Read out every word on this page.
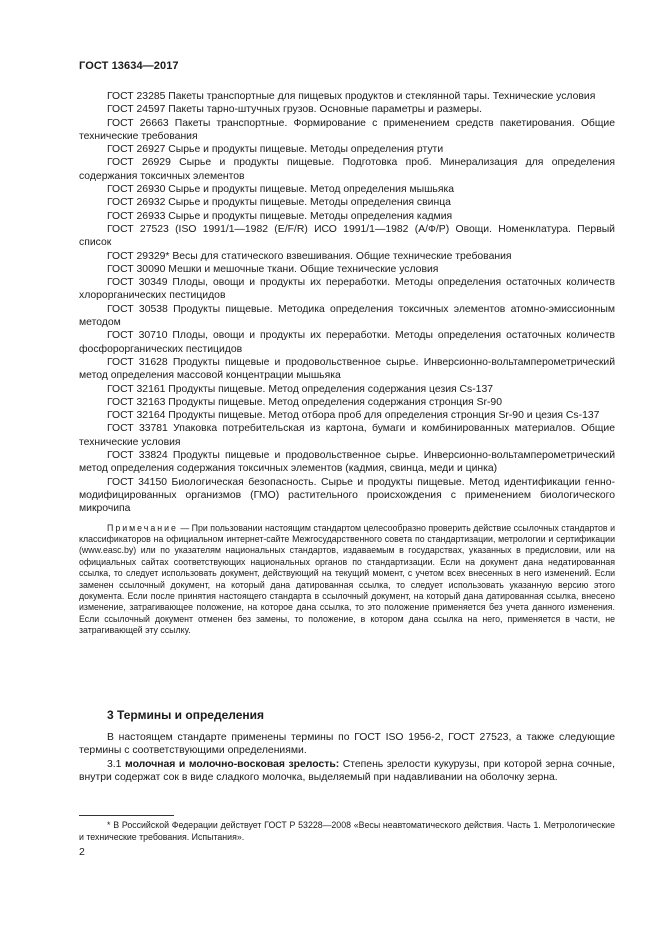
ГОСТ 13634—2017

ГОСТ 23285 Пакеты транспортные для пищевых продуктов и стеклянной тары. Технические условия

ГОСТ 24597 Пакеты тарно-штучных грузов. Основные параметры и размеры.

ГОСТ 26663 Пакеты транспортные. Формирование с применением средств пакетирования. Общие технические требования

ГОСТ 26927 Сырье и продукты пищевые. Методы определения ртути

ГОСТ 26929 Сырье и продукты пищевые. Подготовка проб. Минерализация для определения содержания токсичных элементов

ГОСТ 26930 Сырье и продукты пищевые. Метод определения мышьяка

ГОСТ 26932 Сырье и продукты пищевые. Методы определения свинца

ГОСТ 26933 Сырье и продукты пищевые. Методы определения кадмия

ГОСТ 27523 (ISO 1991/1—1982 (E/F/R) ИСО 1991/1—1982 (А/Ф/Р) Овощи. Номенклатура. Первый список

ГОСТ 29329* Весы для статического взвешивания. Общие технические требования

ГОСТ 30090 Мешки и мешочные ткани. Общие технические условия

ГОСТ 30349 Плоды, овощи и продукты их переработки. Методы определения остаточных количеств хлорорганических пестицидов

ГОСТ 30538 Продукты пищевые. Методика определения токсичных элементов атомно-эмиссионным методом

ГОСТ 30710 Плоды, овощи и продукты их переработки. Методы определения остаточных количеств фосфорорганических пестицидов

ГОСТ 31628 Продукты пищевые и продовольственное сырье. Инверсионно-вольтамперометрический метод определения массовой концентрации мышьяка

ГОСТ 32161 Продукты пищевые. Метод определения содержания цезия Cs-137

ГОСТ 32163 Продукты пищевые. Метод определения содержания стронция Sr-90

ГОСТ 32164 Продукты пищевые. Метод отбора проб для определения стронция Sr-90 и цезия Cs-137

ГОСТ 33781 Упаковка потребительская из картона, бумаги и комбинированных материалов. Общие технические условия

ГОСТ 33824 Продукты пищевые и продовольственное сырье. Инверсионно-вольтамперометрический метод определения содержания токсичных элементов (кадмия, свинца, меди и цинка)

ГОСТ 34150 Биологическая безопасность. Сырье и продукты пищевые. Метод идентификации генно-модифицированных организмов (ГМО) растительного происхождения с применением биологического микрочипа

Примечание — При пользовании настоящим стандартом целесообразно проверить действие ссылочных стандартов и классификаторов на официальном интернет-сайте Межгосударственного совета по стандартизации, метрологии и сертификации (www.easc.by) или по указателям национальных стандартов, издаваемым в государствах, указанных в предисловии, или на официальных сайтах соответствующих национальных органов по стандартизации. Если на документ дана недатированная ссылка, то следует использовать документ, действующий на текущий момент, с учетом всех внесенных в него изменений. Если заменен ссылочный документ, на который дана датированная ссылка, то следует использовать указанную версию этого документа. Если после принятия настоящего стандарта в ссылочный документ, на который дана датированная ссылка, внесено изменение, затрагивающее положение, на которое дана ссылка, то это положение применяется без учета данного изменения. Если ссылочный документ отменен без замены, то положение, в котором дана ссылка на него, применяется в части, не затрагивающей эту ссылку.

3 Термины и определения

В настоящем стандарте применены термины по ГОСТ ISO 1956-2, ГОСТ 27523, а также следующие термины с соответствующими определениями.

3.1 молочная и молочно-восковая зрелость: Степень зрелости кукурузы, при которой зерна сочные, внутри содержат сок в виде сладкого молочка, выделяемый при надавливании на оболочку зерна.

* В Российской Федерации действует ГОСТ Р 53228—2008 «Весы неавтоматического действия. Часть 1. Метрологические и технические требования. Испытания».

2
